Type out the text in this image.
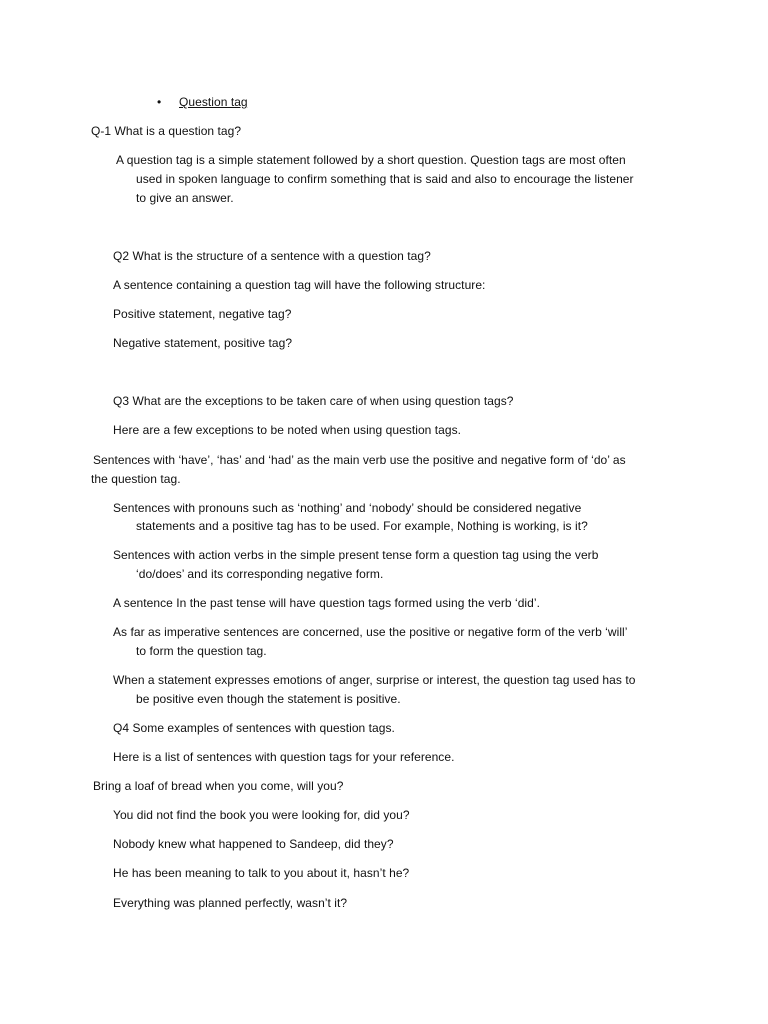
• Question tag
Q-1 What is a question tag?
A question tag is a simple statement followed by a short question. Question tags are most often
used in spoken language to confirm something that is said and also to encourage the listener
to give an answer.
Q2 What is the structure of a sentence with a question tag?
A sentence containing a question tag will have the following structure:
Positive statement, negative tag?
Negative statement, positive tag?
Q3 What are the exceptions to be taken care of when using question tags?
Here are a few exceptions to be noted when using question tags.
Sentences with ‘have’, ‘has’ and ‘had’ as the main verb use the positive and negative form of ‘do’ as
the question tag.
Sentences with pronouns such as ‘nothing’ and ‘nobody’ should be considered negative
statements and a positive tag has to be used. For example, Nothing is working, is it?
Sentences with action verbs in the simple present tense form a question tag using the verb
‘do/does’ and its corresponding negative form.
A sentence In the past tense will have question tags formed using the verb ‘did’.
As far as imperative sentences are concerned, use the positive or negative form of the verb ‘will’
to form the question tag.
When a statement expresses emotions of anger, surprise or interest, the question tag used has to
be positive even though the statement is positive.
Q4 Some examples of sentences with question tags.
Here is a list of sentences with question tags for your reference.
Bring a loaf of bread when you come, will you?
You did not find the book you were looking for, did you?
Nobody knew what happened to Sandeep, did they?
He has been meaning to talk to you about it, hasn’t he?
Everything was planned perfectly, wasn’t it?
